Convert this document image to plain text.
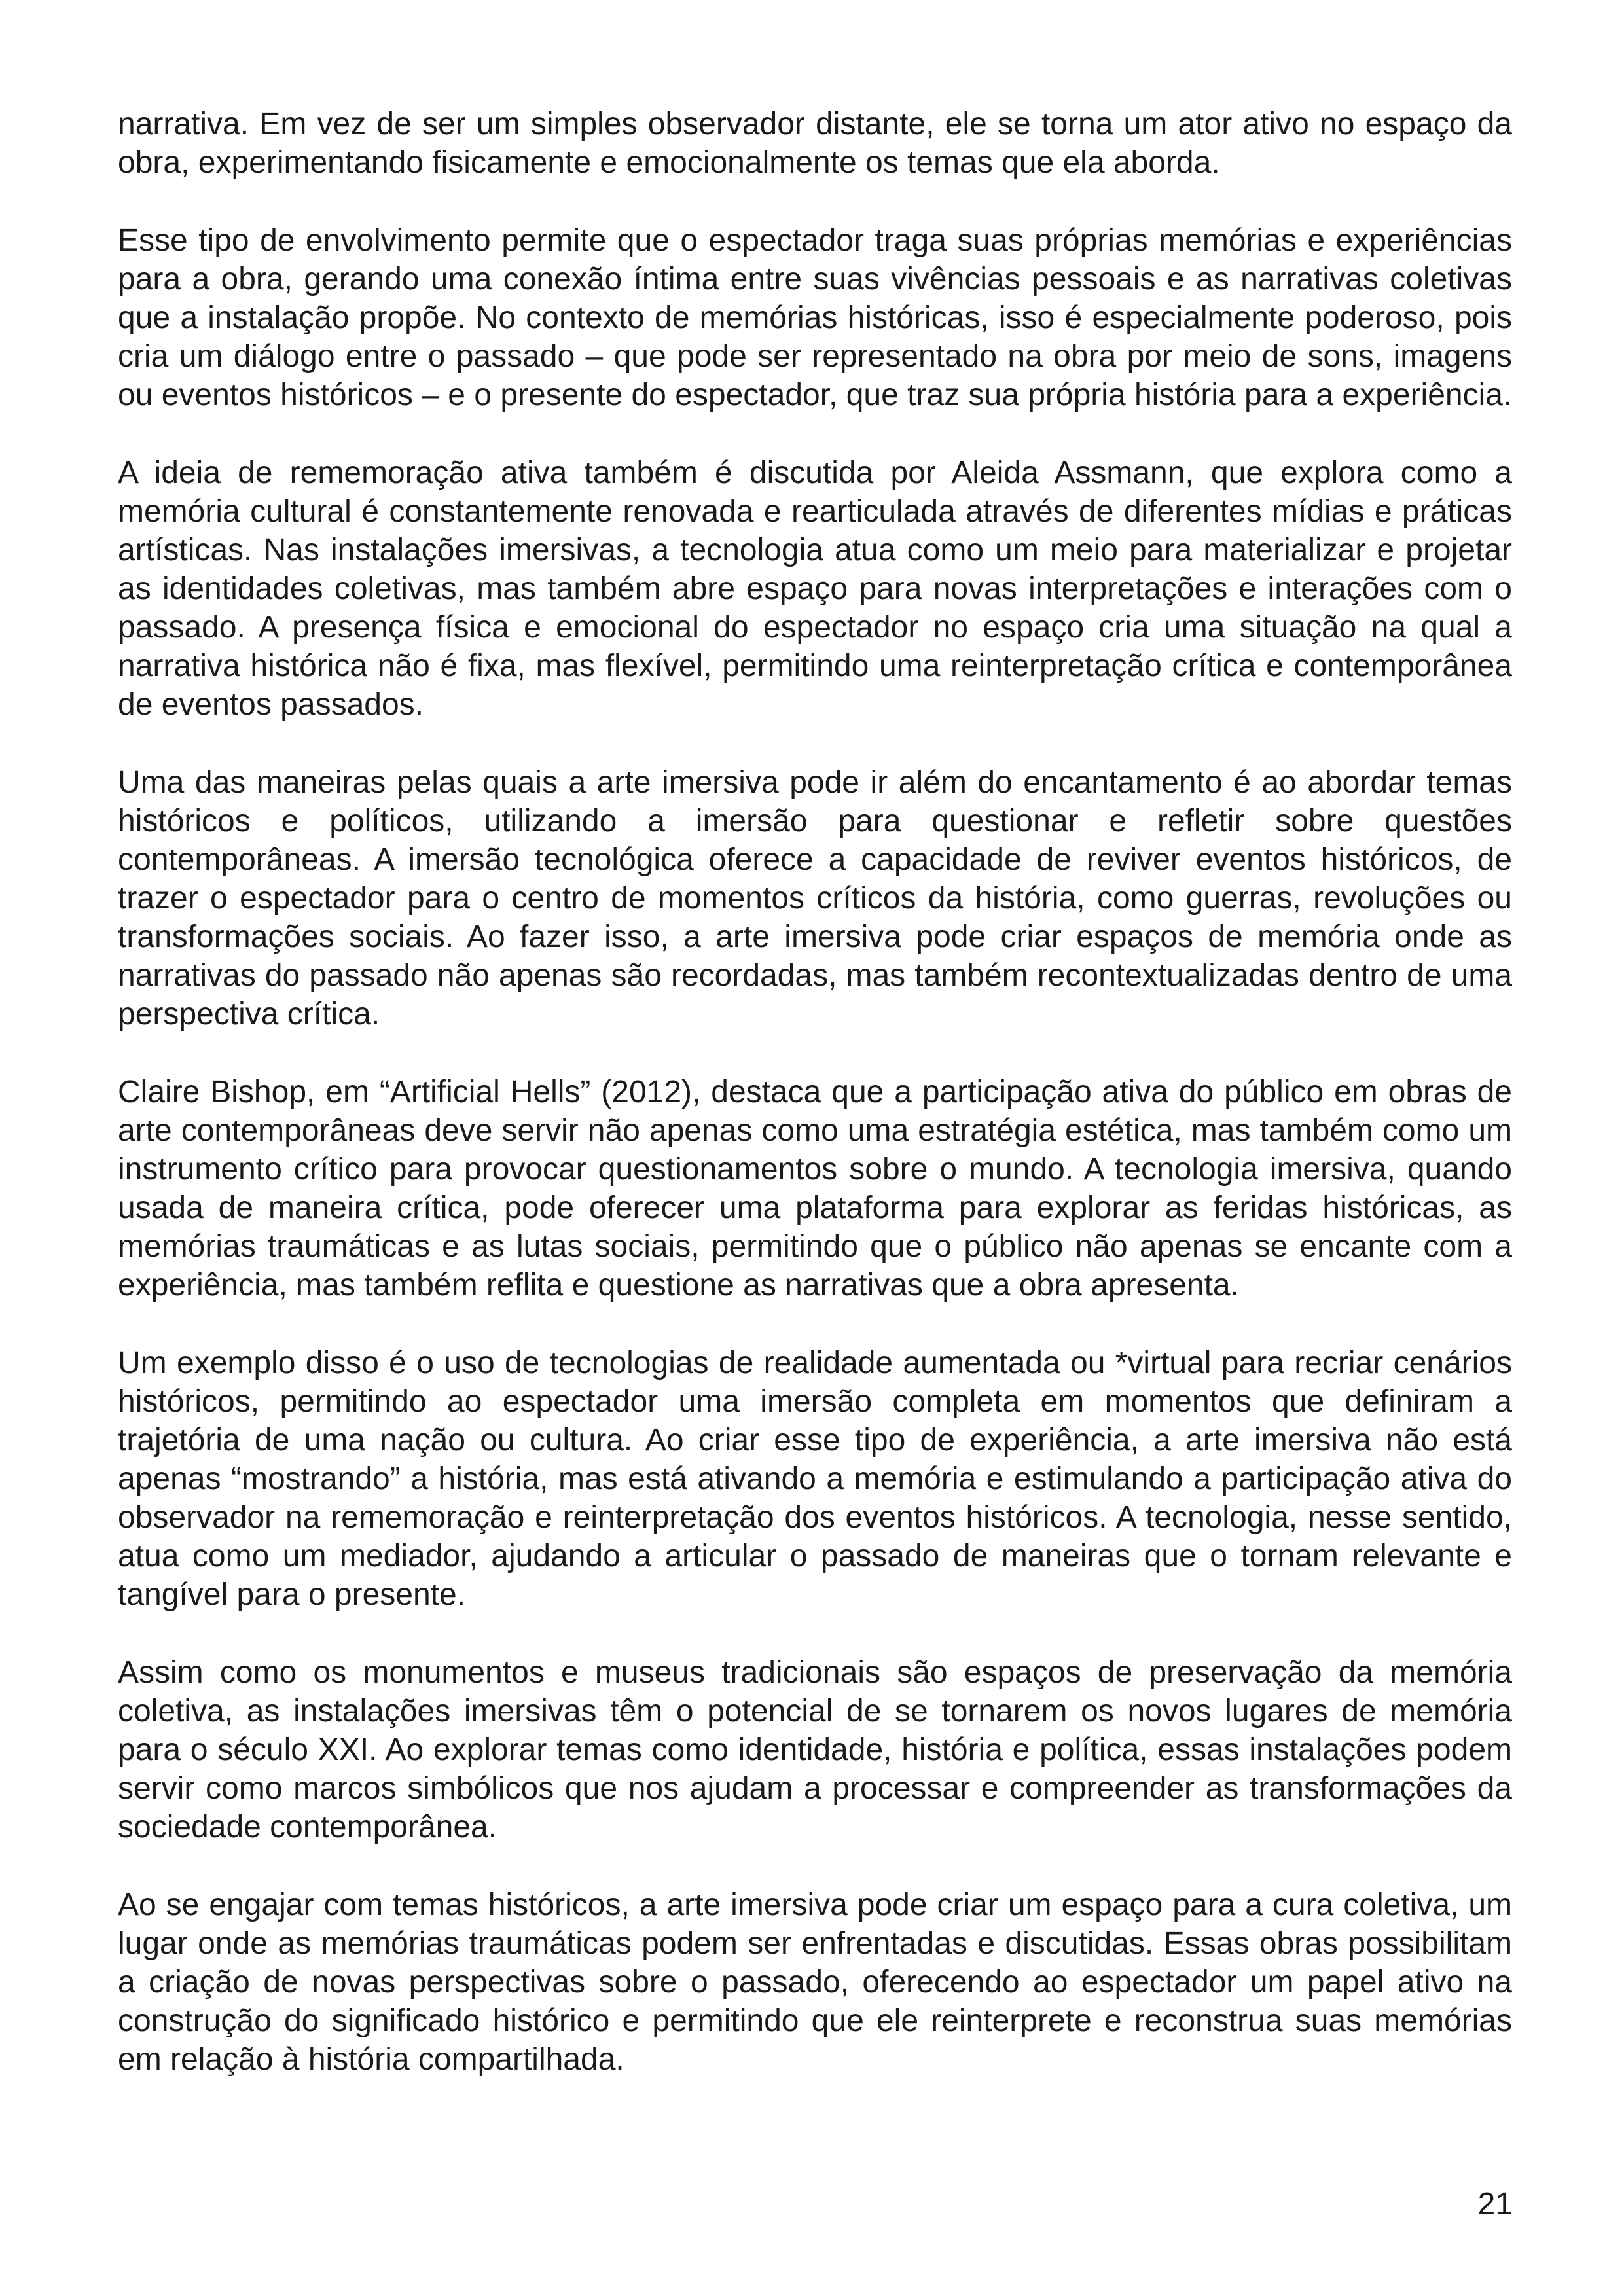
narrativa. Em vez de ser um simples observador distante, ele se torna um ator ativo no espaço da obra, experimentando fisicamente e emocionalmente os temas que ela aborda.

Esse tipo de envolvimento permite que o espectador traga suas próprias memórias e experiências para a obra, gerando uma conexão íntima entre suas vivências pessoais e as narrativas coletivas que a instalação propõe. No contexto de memórias históricas, isso é especialmente poderoso, pois cria um diálogo entre o passado – que pode ser representado na obra por meio de sons, imagens ou eventos históricos – e o presente do espectador, que traz sua própria história para a experiência.

A ideia de rememoração ativa também é discutida por Aleida Assmann, que explora como a memória cultural é constantemente renovada e rearticulada através de diferentes mídias e práticas artísticas. Nas instalações imersivas, a tecnologia atua como um meio para materializar e projetar as identidades coletivas, mas também abre espaço para novas interpretações e interações com o passado. A presença física e emocional do espectador no espaço cria uma situação na qual a narrativa histórica não é fixa, mas flexível, permitindo uma reinterpretação crítica e contemporânea de eventos passados.

Uma das maneiras pelas quais a arte imersiva pode ir além do encantamento é ao abordar temas históricos e políticos, utilizando a imersão para questionar e refletir sobre questões contemporâneas. A imersão tecnológica oferece a capacidade de reviver eventos históricos, de trazer o espectador para o centro de momentos críticos da história, como guerras, revoluções ou transformações sociais. Ao fazer isso, a arte imersiva pode criar espaços de memória onde as narrativas do passado não apenas são recordadas, mas também recontextualizadas dentro de uma perspectiva crítica.

Claire Bishop, em “Artificial Hells” (2012), destaca que a participação ativa do público em obras de arte contemporâneas deve servir não apenas como uma estratégia estética, mas também como um instrumento crítico para provocar questionamentos sobre o mundo. A tecnologia imersiva, quando usada de maneira crítica, pode oferecer uma plataforma para explorar as feridas históricas, as memórias traumáticas e as lutas sociais, permitindo que o público não apenas se encante com a experiência, mas também reflita e questione as narrativas que a obra apresenta.

Um exemplo disso é o uso de tecnologias de realidade aumentada ou *virtual para recriar cenários históricos, permitindo ao espectador uma imersão completa em momentos que definiram a trajetória de uma nação ou cultura. Ao criar esse tipo de experiência, a arte imersiva não está apenas “mostrando” a história, mas está ativando a memória e estimulando a participação ativa do observador na rememoração e reinterpretação dos eventos históricos. A tecnologia, nesse sentido, atua como um mediador, ajudando a articular o passado de maneiras que o tornam relevante e tangível para o presente.

Assim como os monumentos e museus tradicionais são espaços de preservação da memória coletiva, as instalações imersivas têm o potencial de se tornarem os novos lugares de memória para o século XXI. Ao explorar temas como identidade, história e política, essas instalações podem servir como marcos simbólicos que nos ajudam a processar e compreender as transformações da sociedade contemporânea.

Ao se engajar com temas históricos, a arte imersiva pode criar um espaço para a cura coletiva, um lugar onde as memórias traumáticas podem ser enfrentadas e discutidas. Essas obras possibilitam a criação de novas perspectivas sobre o passado, oferecendo ao espectador um papel ativo na construção do significado histórico e permitindo que ele reinterprete e reconstrua suas memórias em relação à história compartilhada.

21
